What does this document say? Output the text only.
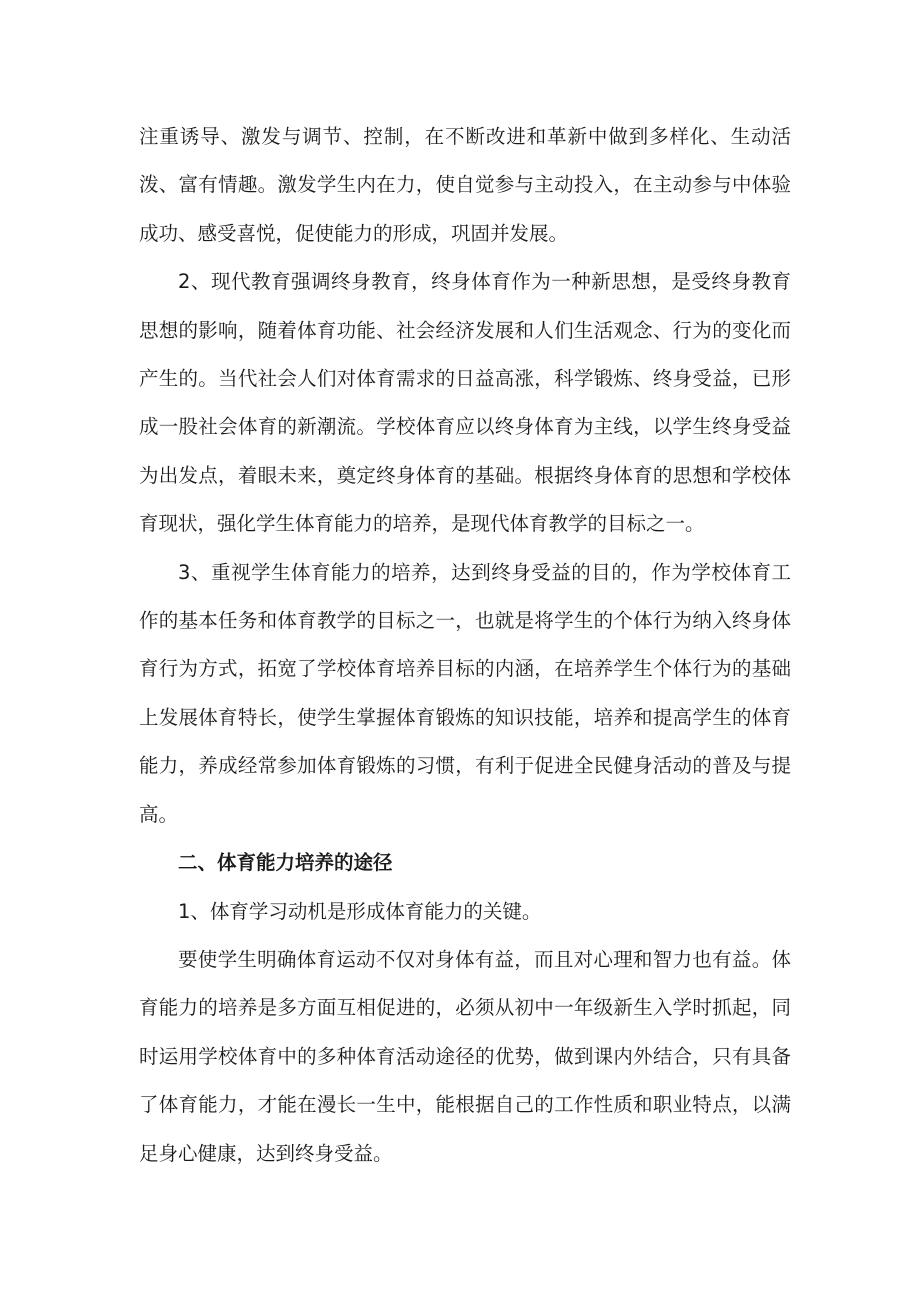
注重诱导、激发与调节、控制，在不断改进和革新中做到多样化、生动活泼、富有情趣。激发学生内在力，使自觉参与主动投入，在主动参与中体验成功、感受喜悦，促使能力的形成，巩固并发展。

2、现代教育强调终身教育，终身体育作为一种新思想，是受终身教育思想的影响，随着体育功能、社会经济发展和人们生活观念、行为的变化而产生的。当代社会人们对体育需求的日益高涨，科学锻炼、终身受益，已形成一股社会体育的新潮流。学校体育应以终身体育为主线，以学生终身受益为出发点，着眼未来，奠定终身体育的基础。根据终身体育的思想和学校体育现状，强化学生体育能力的培养，是现代体育教学的目标之一。

3、重视学生体育能力的培养，达到终身受益的目的，作为学校体育工作的基本任务和体育教学的目标之一，也就是将学生的个体行为纳入终身体育行为方式，拓宽了学校体育培养目标的内涵，在培养学生个体行为的基础上发展体育特长，使学生掌握体育锻炼的知识技能，培养和提高学生的体育能力，养成经常参加体育锻炼的习惯，有利于促进全民健身活动的普及与提高。

二、体育能力培养的途径

1、体育学习动机是形成体育能力的关键。

要使学生明确体育运动不仅对身体有益，而且对心理和智力也有益。体育能力的培养是多方面互相促进的，必须从初中一年级新生入学时抓起，同时运用学校体育中的多种体育活动途径的优势，做到课内外结合，只有具备了体育能力，才能在漫长一生中，能根据自己的工作性质和职业特点，以满足身心健康，达到终身受益。
